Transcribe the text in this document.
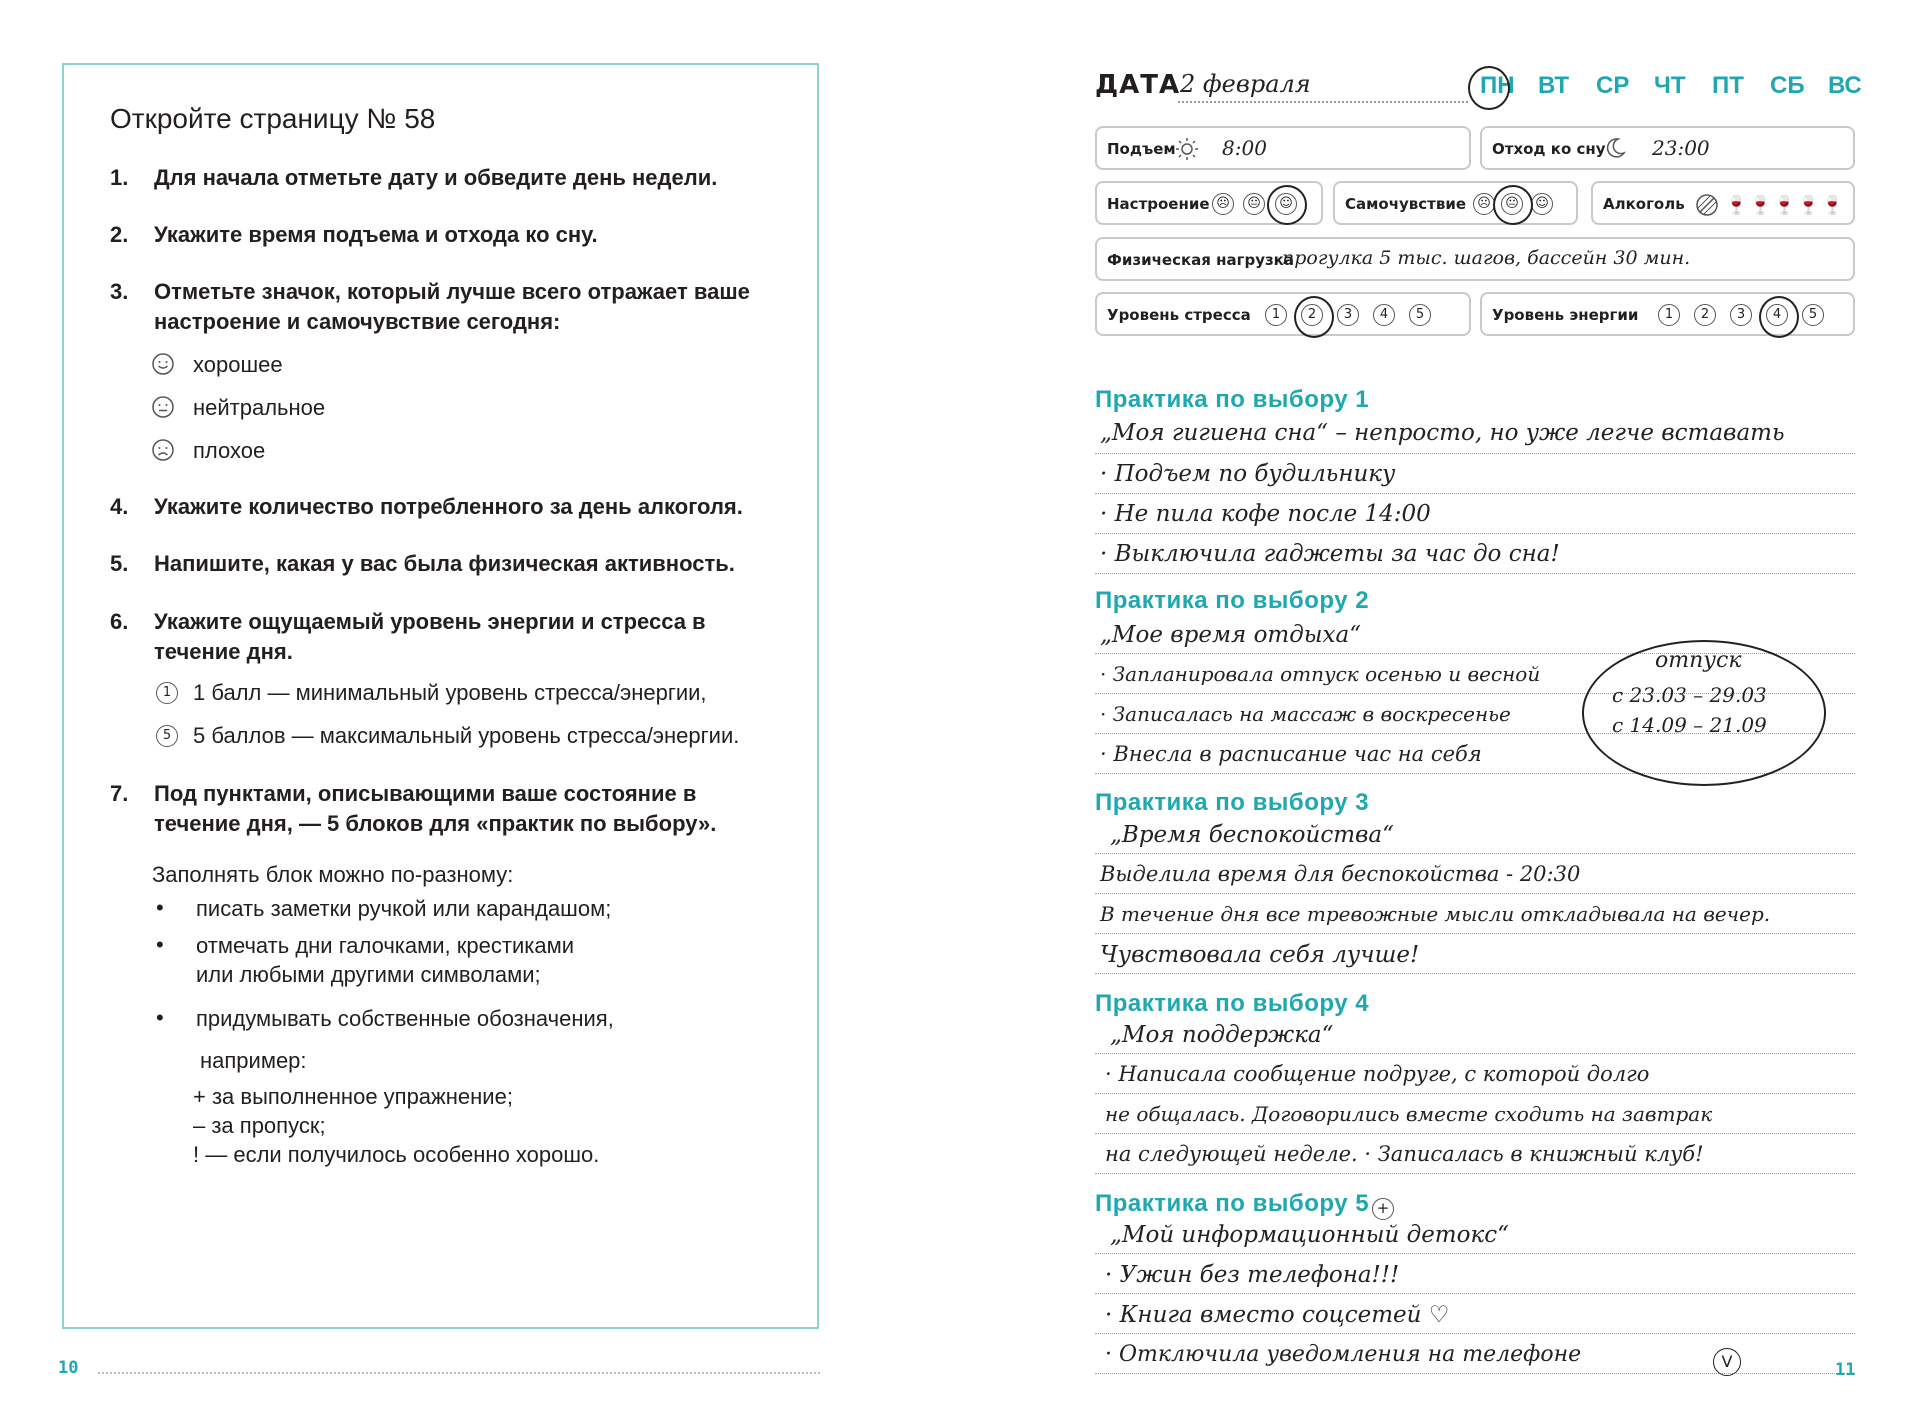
Откройте страницу № 58
1. Для начала отметьте дату и обведите день недели.
2. Укажите время подъема и отхода ко сну.
3. Отметьте значок, который лучше всего отражает ваше настроение и самочувствие сегодня:
хорошее
нейтральное
плохое
4. Укажите количество потребленного за день алкоголя.
5. Напишите, какая у вас была физическая активность.
6. Укажите ощущаемый уровень энергии и стресса в течение дня.
1 1 балл — минимальный уровень стресса/энергии,
5 5 баллов — максимальный уровень стресса/энергии.
7. Под пунктами, описывающими ваше состояние в течение дня, — 5 блоков для «практик по выбору».
Заполнять блок можно по-разному:
• писать заметки ручкой или карандашом;
• отмечать дни галочками, крестиками
или любыми другими символами;
• придумывать собственные обозначения,
например:
+ за выполненное упражнение;
– за пропуск;
! — если получилось особенно хорошо.
10
ДАТА 2 февраля	ПН ВТ СР ЧТ ПТ СБ ВС
Подъем 8:00	Отход ко сну 23:00
Настроение ☹	😐	☺	Самочувствие ☹	😐	☺	Алкоголь 🍷 🍷 🍷 🍷 🍷
Физическая нагрузка
прогулка 5 тыс. шагов, бассейн 30 мин.
Уровень стресса	1	2	3	4	5	Уровень энергии	1	2	3	4	5
Практика по выбору 1
„Моя гигиена сна“ – непросто, но уже легче вставать
· Подъем по будильнику
· Не пила кофе после 14:00
· Выключила гаджеты за час до сна!
Практика по выбору 2
„Мое время отдыха“
· Запланировала отпуск осенью и весной
· Записалась на массаж в воскресенье
· Внесла в расписание час на себя
отпуск
с 23.03 – 29.03
с 14.09 – 21.09
Практика по выбору 3
„Время беспокойства“
Выделила время для беспокойства - 20:30
В течение дня все тревожные мысли откладывала на вечер.
Чувствовала себя лучше!
Практика по выбору 4
„Моя поддержка“
· Написала сообщение подруге, с которой долго
не общалась. Договорились вместе сходить на завтрак
на следующей неделе. · Записалась в книжный клуб!
Практика по выбору 5 +
„Мой информационный детокс“
· Ужин без телефона!!!
· Книга вместо соцсетей ♡
· Отключила уведомления на телефоне	V	11
